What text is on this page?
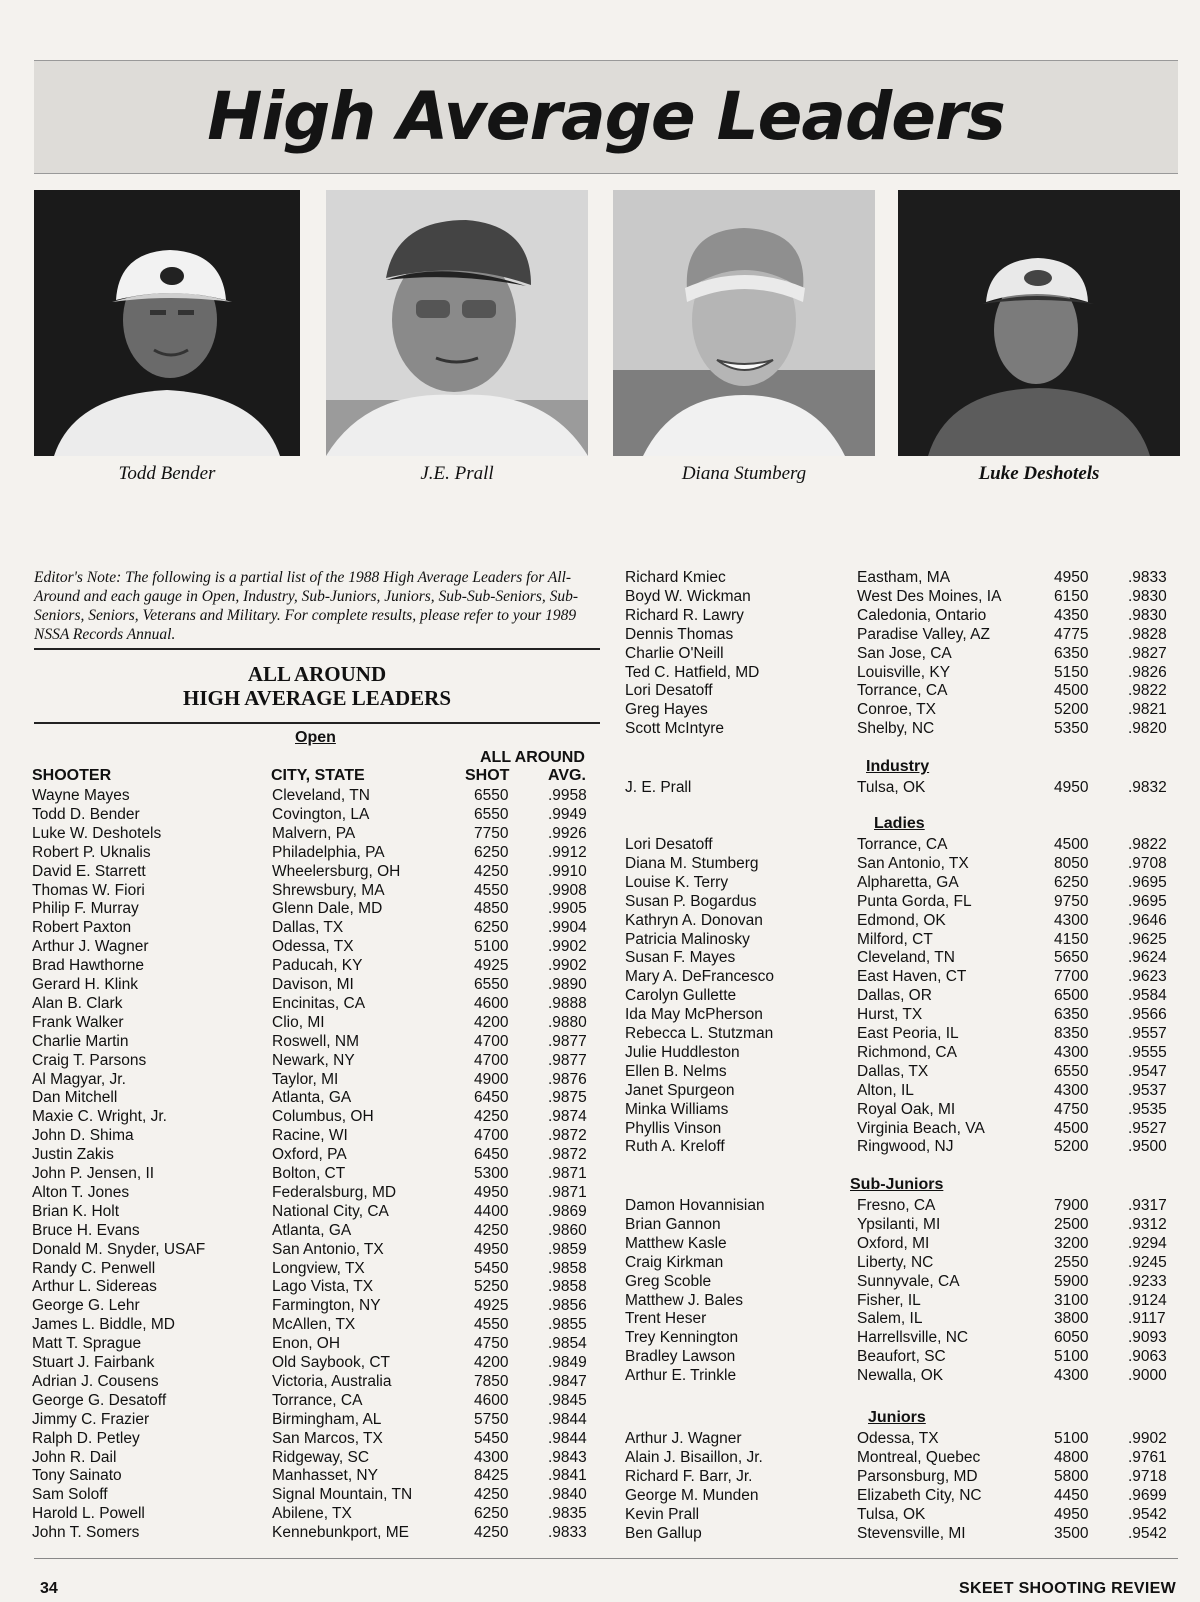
High Average Leaders
Todd Bender	J.E. Prall	Diana Stumberg	Luke Deshotels
Editor's Note: The following is a partial list of the 1988 High Average Leaders for All-Around and each gauge in Open, Industry, Sub-Juniors, Juniors, Sub-Sub-Seniors, Sub-Seniors, Seniors, Veterans and Military. For complete results, please refer to your 1989 NSSA Records Annual.
ALL AROUND
HIGH AVERAGE LEADERS
Open
ALL AROUND
SHOOTER	CITY, STATE	SHOT AVG.
Wayne Mayes	Cleveland, TN	6550	.9958
Todd D. Bender	Covington, LA	6550	.9949
Luke W. Deshotels	Malvern, PA	7750	.9926
Robert P. Uknalis	Philadelphia, PA	6250	.9912
David E. Starrett	Wheelersburg, OH	4250	.9910
Thomas W. Fiori	Shrewsbury, MA	4550	.9908
Philip F. Murray	Glenn Dale, MD	4850	.9905
Robert Paxton	Dallas, TX	6250	.9904
Arthur J. Wagner	Odessa, TX	5100	.9902
Brad Hawthorne	Paducah, KY	4925	.9902
Gerard H. Klink	Davison, MI	6550	.9890
Alan B. Clark	Encinitas, CA	4600	.9888
Frank Walker	Clio, MI	4200	.9880
Charlie Martin	Roswell, NM	4700	.9877
Craig T. Parsons	Newark, NY	4700	.9877
Al Magyar, Jr.	Taylor, MI	4900	.9876
Dan Mitchell	Atlanta, GA	6450	.9875
Maxie C. Wright, Jr.	Columbus, OH	4250	.9874
John D. Shima	Racine, WI	4700	.9872
Justin Zakis	Oxford, PA	6450	.9872
John P. Jensen, II	Bolton, CT	5300	.9871
Alton T. Jones	Federalsburg, MD	4950	.9871
Brian K. Holt	National City, CA	4400	.9869
Bruce H. Evans	Atlanta, GA	4250	.9860
Donald M. Snyder, USAF	San Antonio, TX	4950	.9859
Randy C. Penwell	Longview, TX	5450	.9858
Arthur L. Sidereas	Lago Vista, TX	5250	.9858
George G. Lehr	Farmington, NY	4925	.9856
James L. Biddle, MD	McAllen, TX	4550	.9855
Matt T. Sprague	Enon, OH	4750	.9854
Stuart J. Fairbank	Old Saybook, CT	4200	.9849
Adrian J. Cousens	Victoria, Australia	7850	.9847
George G. Desatoff	Torrance, CA	4600	.9845
Jimmy C. Frazier	Birmingham, AL	5750	.9844
Ralph D. Petley	San Marcos, TX	5450	.9844
John R. Dail	Ridgeway, SC	4300	.9843
Tony Sainato	Manhasset, NY	8425	.9841
Sam Soloff	Signal Mountain, TN	4250	.9840
Harold L. Powell	Abilene, TX	6250	.9835
John T. Somers	Kennebunkport, ME	4250	.9833
Richard Kmiec	Eastham, MA	4950	.9833
Boyd W. Wickman	West Des Moines, IA	6150	.9830
Richard R. Lawry	Caledonia, Ontario	4350	.9830
Dennis Thomas	Paradise Valley, AZ	4775	.9828
Charlie O'Neill	San Jose, CA	6350	.9827
Ted C. Hatfield, MD	Louisville, KY	5150	.9826
Lori Desatoff	Torrance, CA	4500	.9822
Greg Hayes	Conroe, TX	5200	.9821
Scott McIntyre	Shelby, NC	5350	.9820
Industry
J. E. Prall	Tulsa, OK	4950	.9832
Ladies
Lori Desatoff	Torrance, CA	4500	.9822
Diana M. Stumberg	San Antonio, TX	8050	.9708
Louise K. Terry	Alpharetta, GA	6250	.9695
Susan P. Bogardus	Punta Gorda, FL	9750	.9695
Kathryn A. Donovan	Edmond, OK	4300	.9646
Patricia Malinosky	Milford, CT	4150	.9625
Susan F. Mayes	Cleveland, TN	5650	.9624
Mary A. DeFrancesco	East Haven, CT	7700	.9623
Carolyn Gullette	Dallas, OR	6500	.9584
Ida May McPherson	Hurst, TX	6350	.9566
Rebecca L. Stutzman	East Peoria, IL	8350	.9557
Julie Huddleston	Richmond, CA	4300	.9555
Ellen B. Nelms	Dallas, TX	6550	.9547
Janet Spurgeon	Alton, IL	4300	.9537
Minka Williams	Royal Oak, MI	4750	.9535
Phyllis Vinson	Virginia Beach, VA	4500	.9527
Ruth A. Kreloff	Ringwood, NJ	5200	.9500
Sub-Juniors
Damon Hovannisian	Fresno, CA	7900	.9317
Brian Gannon	Ypsilanti, MI	2500	.9312
Matthew Kasle	Oxford, MI	3200	.9294
Craig Kirkman	Liberty, NC	2550	.9245
Greg Scoble	Sunnyvale, CA	5900	.9233
Matthew J. Bales	Fisher, IL	3100	.9124
Trent Heser	Salem, IL	3800	.9117
Trey Kennington	Harrellsville, NC	6050	.9093
Bradley Lawson	Beaufort, SC	5100	.9063
Arthur E. Trinkle	Newalla, OK	4300	.9000
Juniors
Arthur J. Wagner	Odessa, TX	5100	.9902
Alain J. Bisaillon, Jr.	Montreal, Quebec	4800	.9761
Richard F. Barr, Jr.	Parsonsburg, MD	5800	.9718
George M. Munden	Elizabeth City, NC	4450	.9699
Kevin Prall	Tulsa, OK	4950	.9542
Ben Gallup	Stevensville, MI	3500	.9542
34	SKEET SHOOTING REVIEW
